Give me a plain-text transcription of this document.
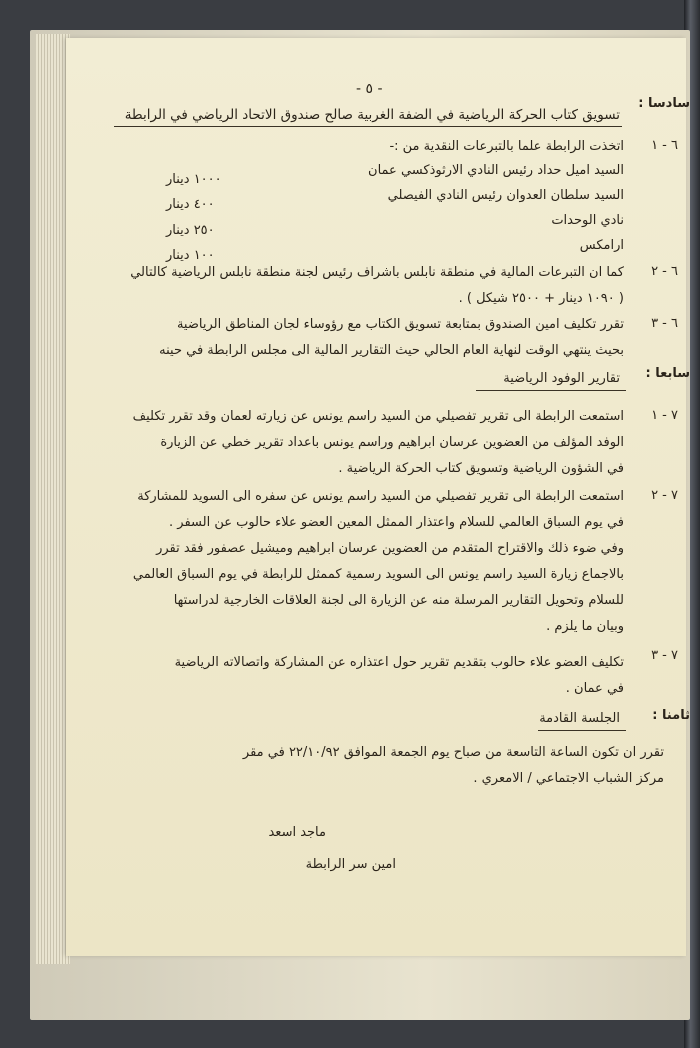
- ٥ -
سادسا :
تسويق كتاب الحركة الرياضية في الضفة الغربية صالح صندوق الاتحاد الرياضي في الرابطة
٦ - ١
اتخذت الرابطة علما بالتبرعات النقدية من :-
السيد اميل حداد رئيس النادي الارثوذكسي عمان
السيد سلطان العدوان رئيس النادي الفيصلي
نادي الوحدات
ارامكس
١٠٠٠ دينار
٤٠٠ دينار
٢٥٠ دينار
١٠٠ دينار
٦ - ٢
كما ان التبرعات المالية في منطقة نابلس باشراف رئيس لجنة منطقة نابلس الرياضية كالتالي
( ١٠٩٠ دينار + ٢٥٠٠ شيكل ) .
٦ - ٣
تقرر تكليف امين الصندوق بمتابعة تسويق الكتاب مع رؤوساء لجان المناطق الرياضية
بحيث ينتهي الوقت لنهاية العام الحالي حيث التقارير المالية الى مجلس الرابطة في حينه
سابعا :
تقارير الوفود الرياضية
٧ - ١
استمعت الرابطة الى تقرير تفصيلي من السيد راسم يونس عن زيارته لعمان وقد تقرر تكليف
الوفد المؤلف من العضوين عرسان ابراهيم وراسم يونس باعداد تقرير خطي عن الزيارة
في الشؤون الرياضية وتسويق كتاب الحركة الرياضية .
٧ - ٢
استمعت الرابطة الى تقرير تفصيلي من السيد راسم يونس عن سفره الى السويد للمشاركة
في يوم السباق العالمي للسلام واعتذار الممثل المعين العضو علاء حالوب عن السفر .
وفي ضوء ذلك والاقتراح المتقدم من العضوين عرسان ابراهيم وميشيل عصفور فقد تقرر
بالاجماع زيارة السيد راسم يونس الى السويد رسمية كممثل للرابطة في يوم السباق العالمي
للسلام وتحويل التقارير المرسلة منه عن الزيارة الى لجنة العلاقات الخارجية لدراستها
وبيان ما يلزم .
٧ - ٣
تكليف العضو علاء حالوب بتقديم تقرير حول اعتذاره عن المشاركة واتصالاته الرياضية
في عمان .
ثامنا :
الجلسة القادمة
تقرر ان تكون الساعة التاسعة من صباح يوم الجمعة الموافق ٢٢/١٠/٩٢ في مقر
مركز الشباب الاجتماعي / الامعري .
ماجد اسعد
امين سر الرابطة
